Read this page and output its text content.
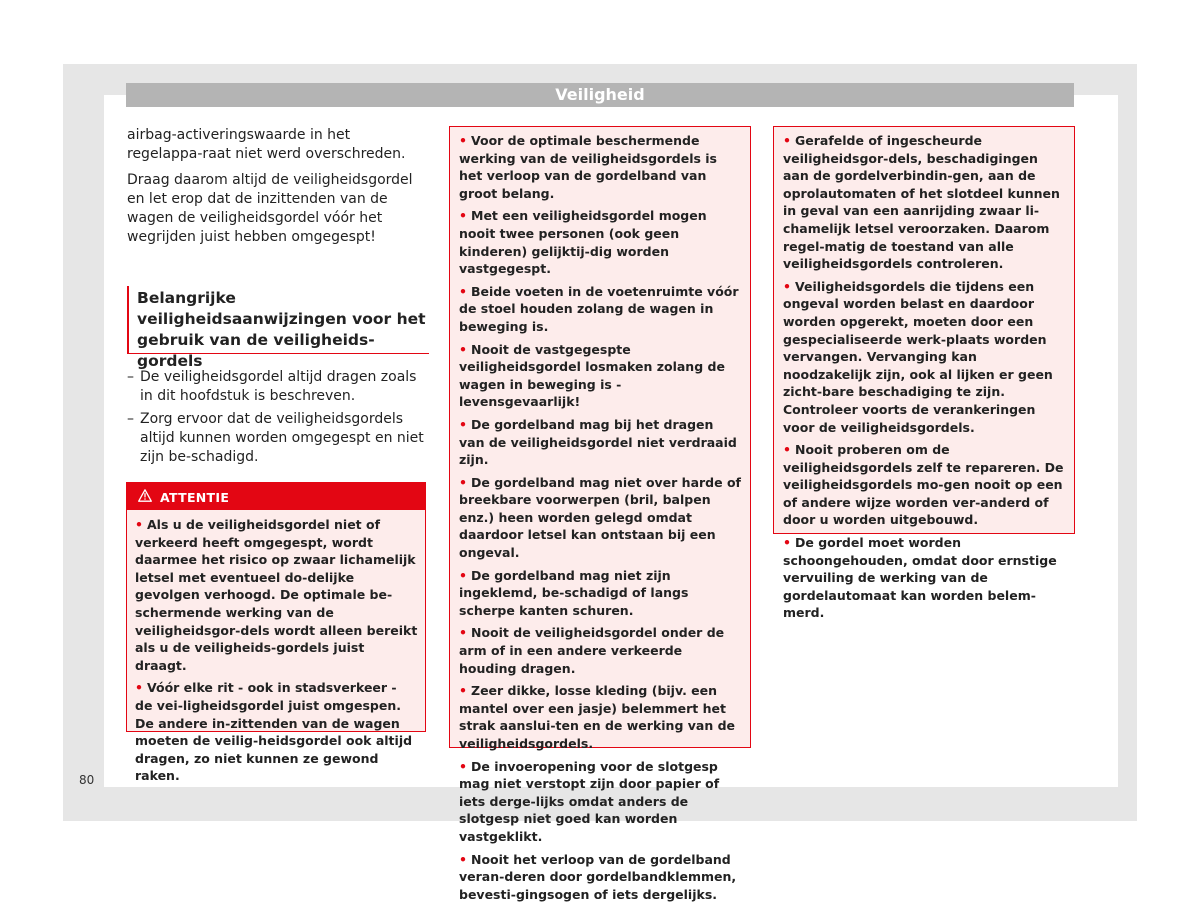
Veiligheid

airbag-activeringswaarde in het regelappa-raat niet werd overschreden.

Draag daarom altijd de veiligheidsgordel en let erop dat de inzittenden van de wagen de veiligheidsgordel vóór het wegrijden juist hebben omgegespt!

Belangrijke veiligheidsaanwijzingen voor het gebruik van de veiligheids-gordels
– De veiligheidsgordel altijd dragen zoals in dit hoofdstuk is beschreven.
– Zorg ervoor dat de veiligheidsgordels altijd kunnen worden omgegespt en niet zijn be-schadigd.
ATTENTIE
• Als u de veiligheidsgordel niet of verkeerd heeft omgegespt, wordt daarmee het risico op zwaar lichamelijk letsel met eventueel do-delijke gevolgen verhoogd. De optimale be-schermende werking van de veiligheidsgor-dels wordt alleen bereikt als u de veiligheids-gordels juist draagt.
• Vóór elke rit - ook in stadsverkeer - de vei-ligheidsgordel juist omgespen. De andere in-zittenden van de wagen moeten de veilig-heidsgordel ook altijd dragen, zo niet kunnen ze gewond raken.
• Voor de optimale beschermende werking van de veiligheidsgordels is het verloop van de gordelband van groot belang.
• Met een veiligheidsgordel mogen nooit twee personen (ook geen kinderen) gelijktij-dig worden vastgegespt.
• Beide voeten in de voetenruimte vóór de stoel houden zolang de wagen in beweging is.
• Nooit de vastgegespte veiligheidsgordel losmaken zolang de wagen in beweging is - levensgevaarlijk!
• De gordelband mag bij het dragen van de veiligheidsgordel niet verdraaid zijn.
• De gordelband mag niet over harde of breekbare voorwerpen (bril, balpen enz.) heen worden gelegd omdat daardoor letsel kan ontstaan bij een ongeval.
• De gordelband mag niet zijn ingeklemd, be-schadigd of langs scherpe kanten schuren.
• Nooit de veiligheidsgordel onder de arm of in een andere verkeerde houding dragen.
• Zeer dikke, losse kleding (bijv. een mantel over een jasje) belemmert het strak aanslui-ten en de werking van de veiligheidsgordels.
• De invoeropening voor de slotgesp mag niet verstopt zijn door papier of iets derge-lijks omdat anders de slotgesp niet goed kan worden vastgeklikt.
• Nooit het verloop van de gordelband veran-deren door gordelbandklemmen, bevesti-gingsogen of iets dergelijks.
• Gerafelde of ingescheurde veiligheidsgor-dels, beschadigingen aan de gordelverbindin-gen, aan de oprolautomaten of het slotdeel kunnen in geval van een aanrijding zwaar li-chamelijk letsel veroorzaken. Daarom regel-matig de toestand van alle veiligheidsgordels controleren.
• Veiligheidsgordels die tijdens een ongeval worden belast en daardoor worden opgerekt, moeten door een gespecialiseerde werk-plaats worden vervangen. Vervanging kan noodzakelijk zijn, ook al lijken er geen zicht-bare beschadiging te zijn. Controleer voorts de verankeringen voor de veiligheidsgordels.
• Nooit proberen om de veiligheidsgordels zelf te repareren. De veiligheidsgordels mo-gen nooit op een of andere wijze worden ver-anderd of door u worden uitgebouwd.
• De gordel moet worden schoongehouden, omdat door ernstige vervuiling de werking van de gordelautomaat kan worden belem-merd.
80
